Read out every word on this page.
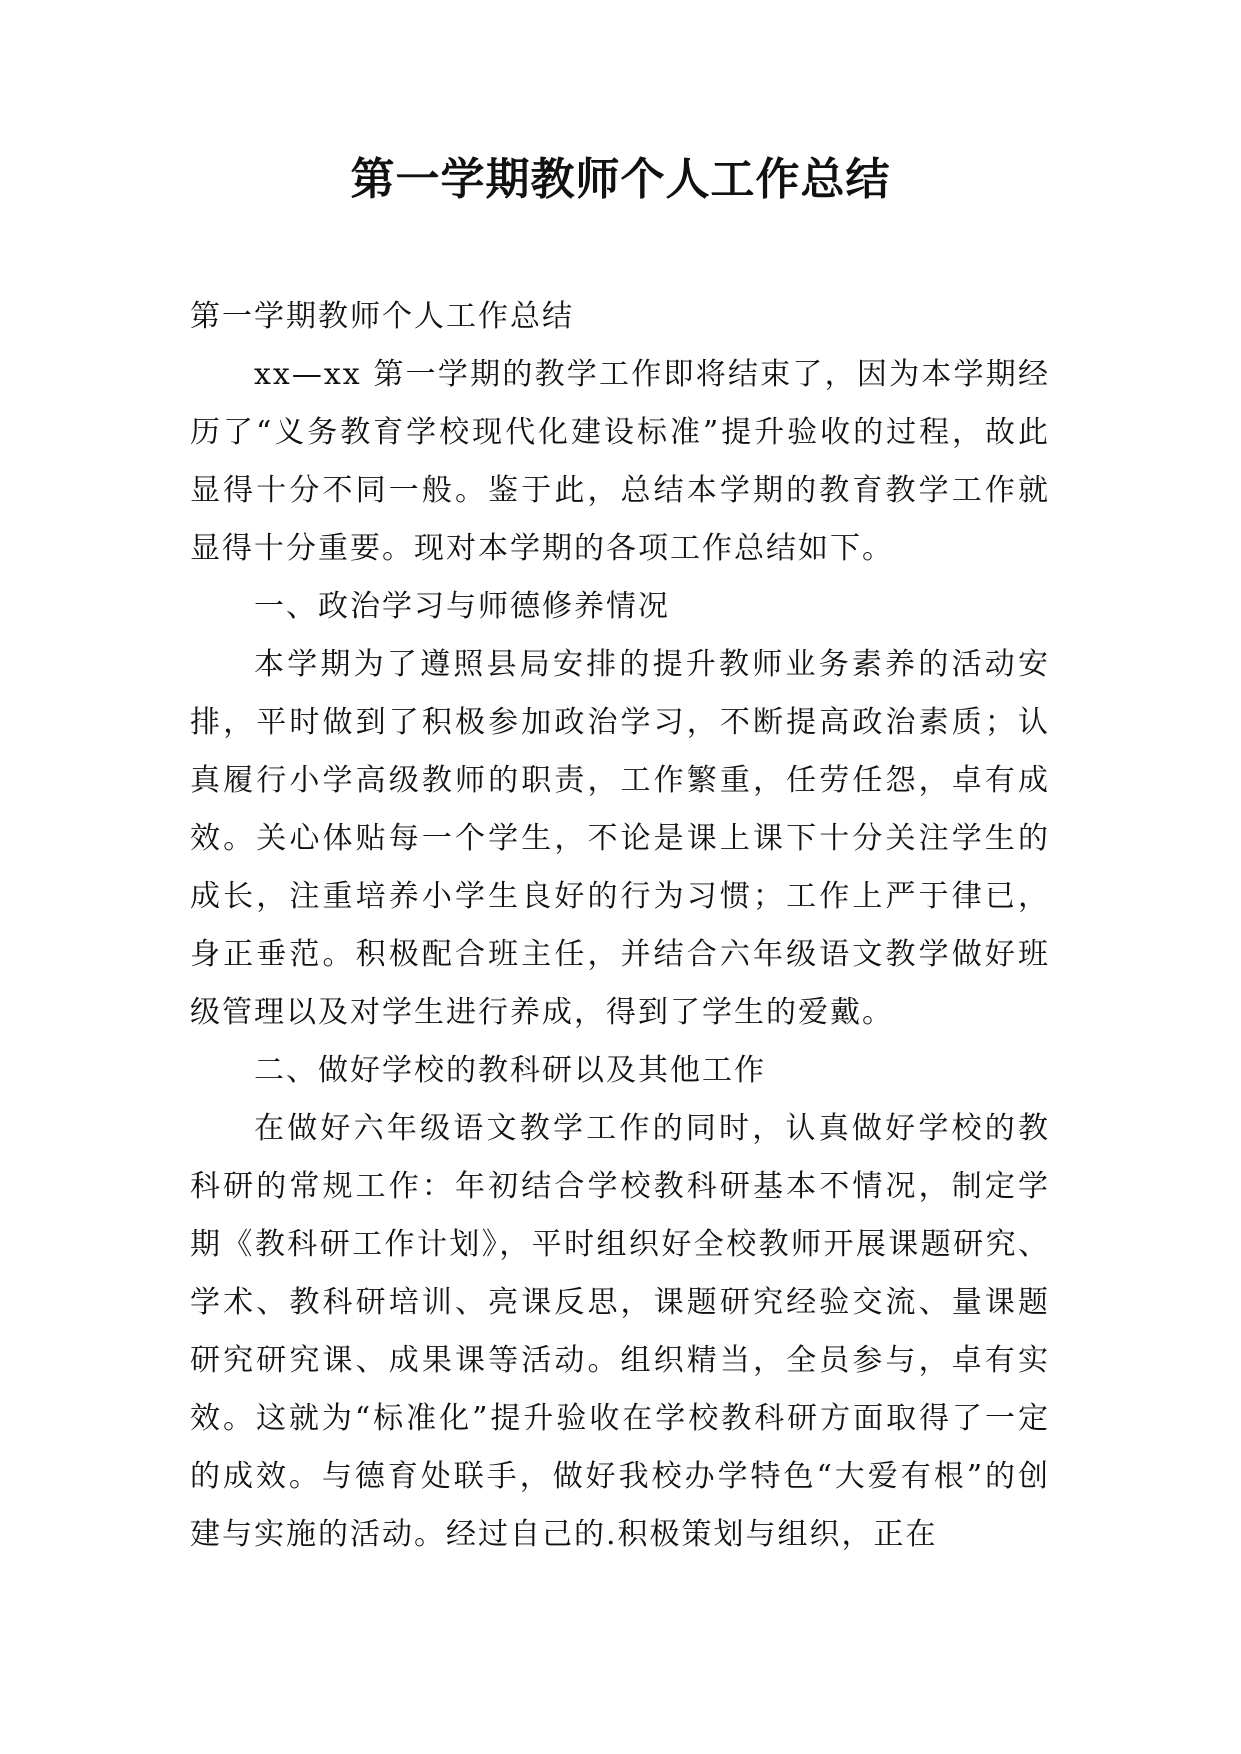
第一学期教师个人工作总结

第一学期教师个人工作总结

xx—xx 第一学期的教学工作即将结束了，因为本学期经历了“义务教育学校现代化建设标准”提升验收的过程，故此显得十分不同一般。鉴于此，总结本学期的教育教学工作就显得十分重要。现对本学期的各项工作总结如下。

一、政治学习与师德修养情况

本学期为了遵照县局安排的提升教师业务素养的活动安排，平时做到了积极参加政治学习，不断提高政治素质；认真履行小学高级教师的职责，工作繁重，任劳任怨，卓有成效。关心体贴每一个学生，不论是课上课下十分关注学生的成长，注重培养小学生良好的行为习惯；工作上严于律已，身正垂范。积极配合班主任，并结合六年级语文教学做好班级管理以及对学生进行养成，得到了学生的爱戴。

二、做好学校的教科研以及其他工作

在做好六年级语文教学工作的同时，认真做好学校的教科研的常规工作：年初结合学校教科研基本不情况，制定学期《教科研工作计划》，平时组织好全校教师开展课题研究、学术、教科研培训、亮课反思，课题研究经验交流、量课题研究研究课、成果课等活动。组织精当，全员参与，卓有实效。这就为“标准化”提升验收在学校教科研方面取得了一定的成效。与德育处联手，做好我校办学特色“大爱有根”的创建与实施的活动。经过自己的.积极策划与组织，正在
